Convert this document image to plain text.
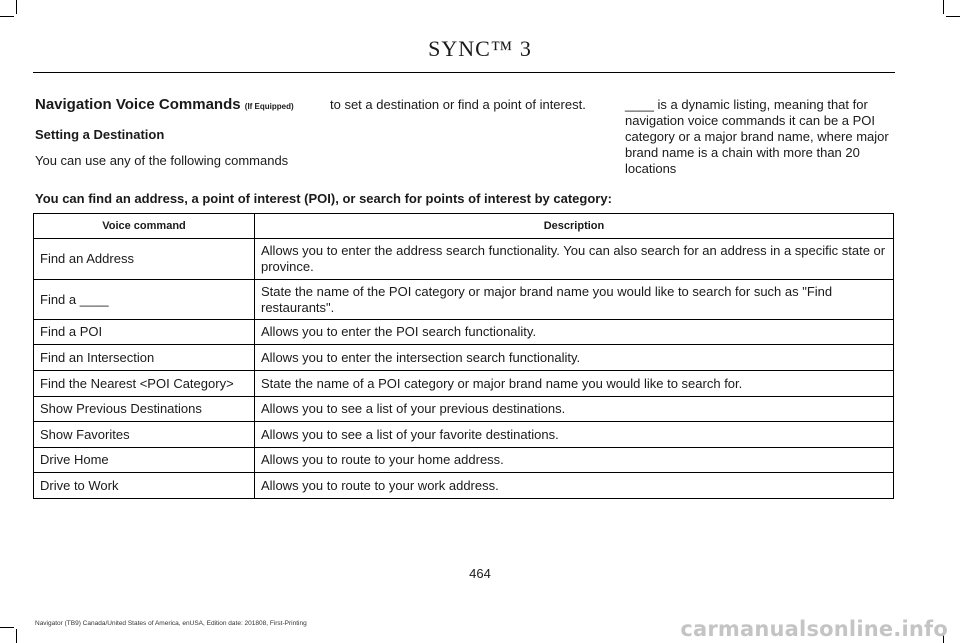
SYNC™ 3
Navigation Voice Commands (If Equipped)
Setting a Destination

You can use any of the following commands

to set a destination or find a point of interest.	____ is a dynamic listing, meaning that for navigation voice commands it can be a POI category or a major brand name, where major brand name is a chain with more than 20 locations

You can find an address, a point of interest (POI), or search for points of interest by category:
Voice command	Description
Find an Address	Allows you to enter the address search functionality. You can also search for an address in a specific state or province.
Find a ____	State the name of the POI category or major brand name you would like to search for such as "Find restaurants".
Find a POI	Allows you to enter the POI search functionality.
Find an Intersection	Allows you to enter the intersection search functionality.
Find the Nearest <POI Category>	State the name of a POI category or major brand name you would like to search for.
Show Previous Destinations	Allows you to see a list of your previous destinations.
Show Favorites	Allows you to see a list of your favorite destinations.
Drive Home	Allows you to route to your home address.
Drive to Work	Allows you to route to your work address.
464
Navigator (TB9) Canada/United States of America, enUSA, Edition date: 201808, First-Printing	carmanualsonline.info
